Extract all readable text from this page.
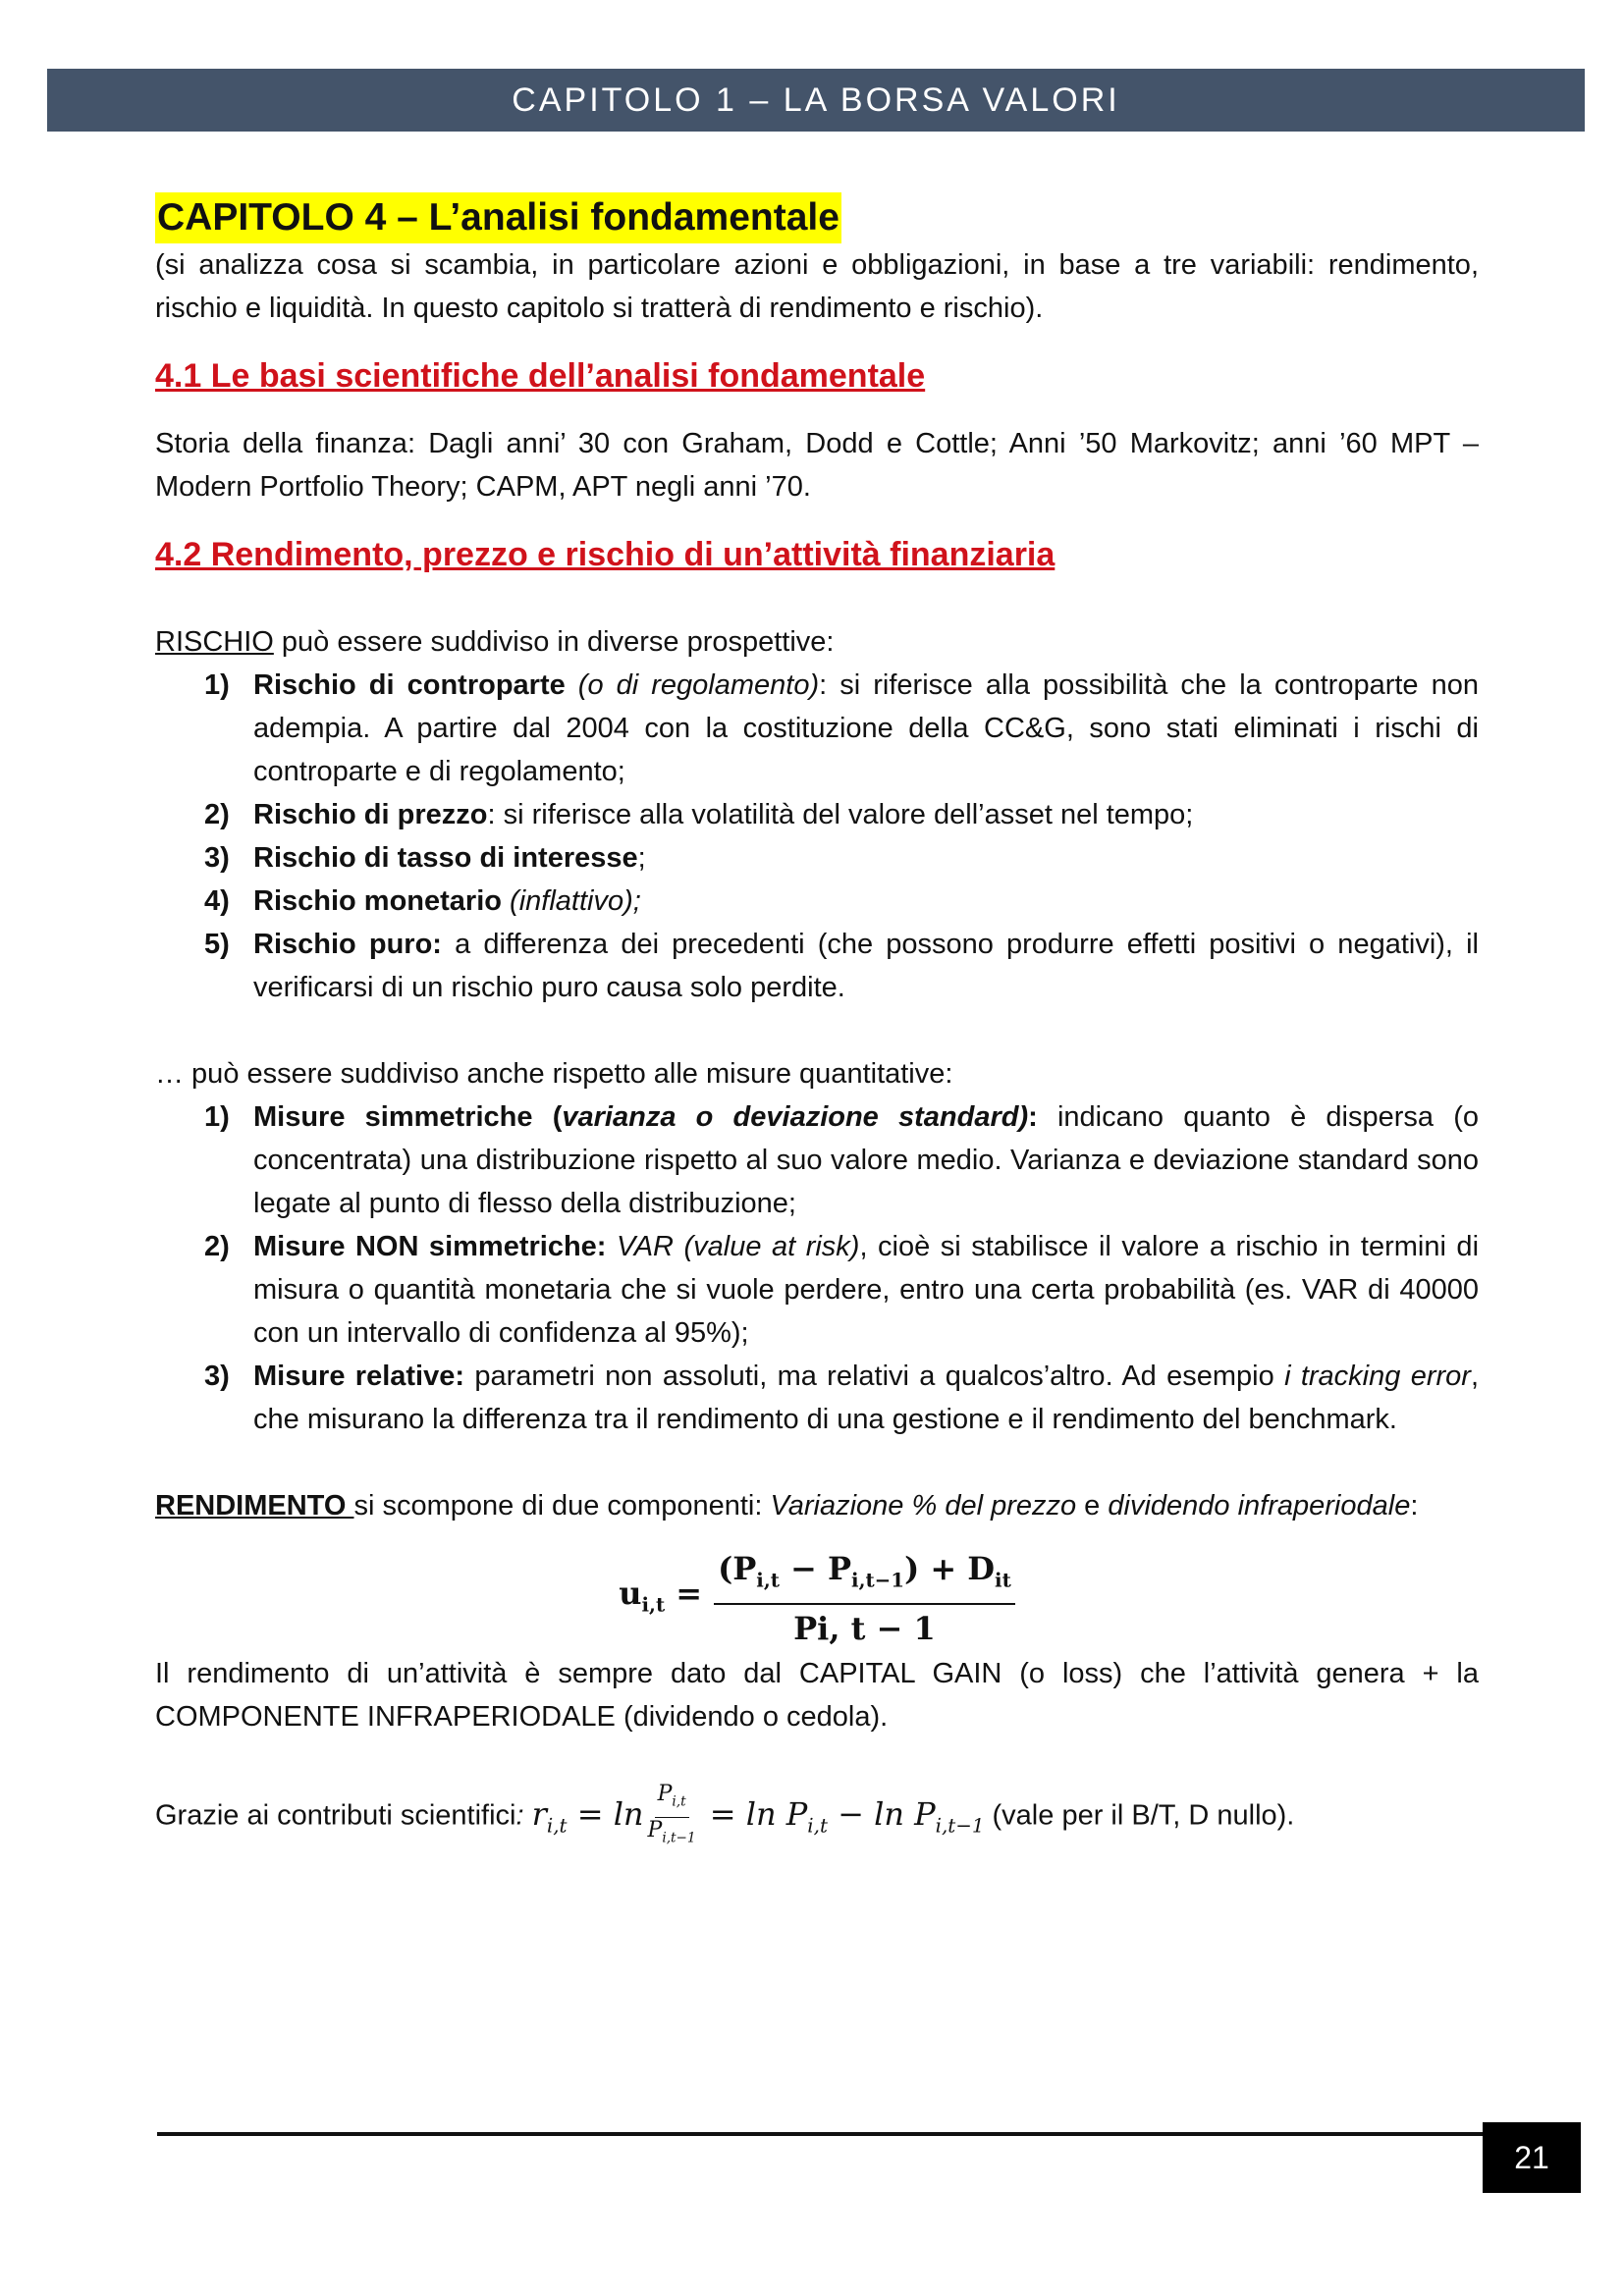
CAPITOLO 1 – LA BORSA VALORI
CAPITOLO 4 – L’analisi fondamentale

(si analizza cosa si scambia, in particolare azioni e obbligazioni, in base a tre variabili: rendimento, rischio e liquidità. In questo capitolo si tratterà di rendimento e rischio).

4.1 Le basi scientifiche dell’analisi fondamentale

Storia della finanza: Dagli anni’ 30 con Graham, Dodd e Cottle; Anni ’50 Markovitz; anni ’60 MPT – Modern Portfolio Theory; CAPM, APT negli anni ’70.

4.2 Rendimento, prezzo e rischio di un’attività finanziaria

RISCHIO può essere suddiviso in diverse prospettive:

1) Rischio di controparte (o di regolamento): si riferisce alla possibilità che la controparte non adempia. A partire dal 2004 con la costituzione della CC&G, sono stati eliminati i rischi di controparte e di regolamento;
2) Rischio di prezzo: si riferisce alla volatilità del valore dell’asset nel tempo;
3) Rischio di tasso di interesse;
4) Rischio monetario (inflattivo);
5) Rischio puro: a differenza dei precedenti (che possono produrre effetti positivi o negativi), il verificarsi di un rischio puro causa solo perdite.

… può essere suddiviso anche rispetto alle misure quantitative:

1) Misure simmetriche (varianza o deviazione standard): indicano quanto è dispersa (o concentrata) una distribuzione rispetto al suo valore medio. Varianza e deviazione standard sono legate al punto di flesso della distribuzione;
2) Misure NON simmetriche: VAR (value at risk), cioè si stabilisce il valore a rischio in termini di misura o quantità monetaria che si vuole perdere, entro una certa probabilità (es. VAR di 40000 con un intervallo di confidenza al 95%);
3) Misure relative: parametri non assoluti, ma relativi a qualcos’altro. Ad esempio i tracking error, che misurano la differenza tra il rendimento di una gestione e il rendimento del benchmark.

RENDIMENTO si scompone di due componenti: Variazione % del prezzo e dividendo infraperiodale:

$u_{i,t} = \frac{(P_{i,t} - P_{i,t-1}) + D_{it}}{Pi, t - 1}$

Il rendimento di un’attività è sempre dato dal CAPITAL GAIN (o loss) che l’attività genera + la COMPONENTE INFRAPERIODALE (dividendo o cedola).

Grazie ai contributi scientifici: $r_{i,t} = \ln \frac{P_{i,t}}{P_{i,t-1}} = \ln P_{i,t} - \ln P_{i,t-1}$ (vale per il B/T, D nullo).

21
